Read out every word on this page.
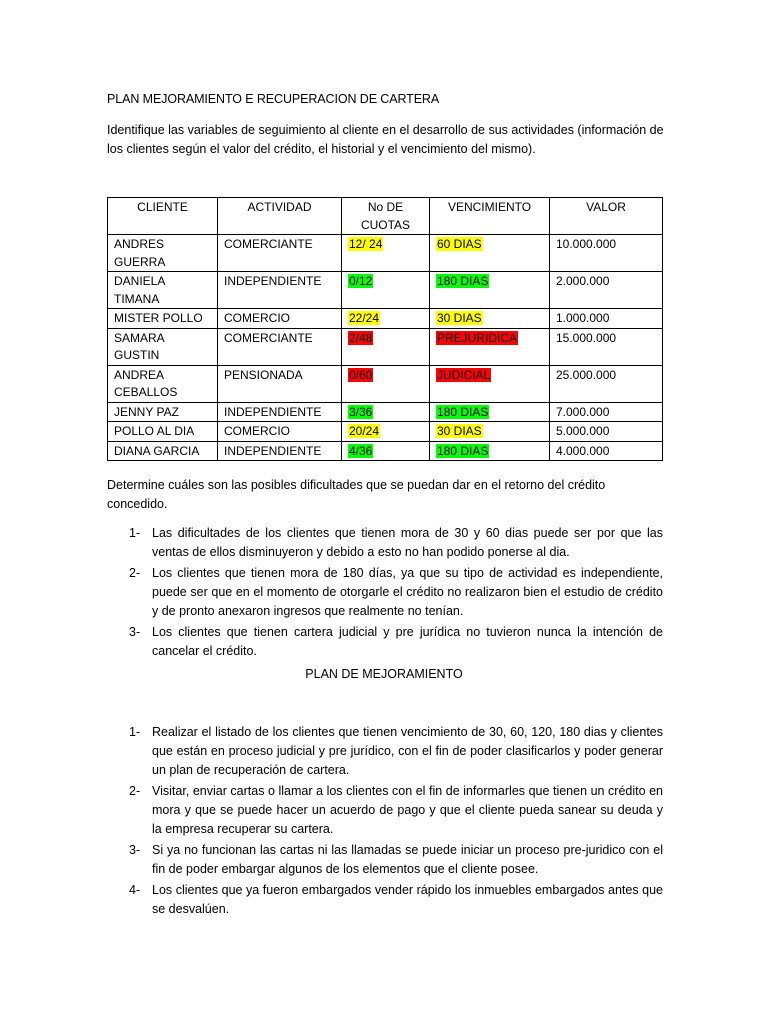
PLAN MEJORAMIENTO E RECUPERACION DE CARTERA
Identifique las variables de seguimiento al cliente en el desarrollo de sus actividades (información de los clientes según el valor del crédito, el historial y el vencimiento del mismo).
CLIENTE	ACTIVIDAD	No DE CUOTAS	VENCIMIENTO	VALOR
ANDRES GUERRA	COMERCIANTE	12/ 24	60 DIAS	10.000.000
DANIELA TIMANA	INDEPENDIENTE	0/12	180 DIAS	2.000.000
MISTER POLLO	COMERCIO	22/24	30 DIAS	1.000.000
SAMARA GUSTIN	COMERCIANTE	2/48	PREJURIDICA	15.000.000
ANDREA CEBALLOS	PENSIONADA	0/60	JUDICIAL	25.000.000
JENNY PAZ	INDEPENDIENTE	3/36	180 DIAS	7.000.000
POLLO AL DIA	COMERCIO	20/24	30 DIAS	5.000.000
DIANA GARCIA	INDEPENDIENTE	4/36	180 DIAS	4.000.000
Determine cuáles son las posibles dificultades que se puedan dar en el retorno del crédito concedido.
1- Las dificultades de los clientes que tienen mora de 30 y 60 dias puede ser por que las ventas de ellos disminuyeron y debido a esto no han podido ponerse al dia.
2- Los clientes que tienen mora de 180 días, ya que su tipo de actividad es independiente, puede ser que en el momento de otorgarle el crédito no realizaron bien el estudio de crédito y de pronto anexaron ingresos que realmente no tenían.
3- Los clientes que tienen cartera judicial y pre jurídica no tuvieron nunca la intención de cancelar el crédito.
PLAN DE MEJORAMIENTO
1- Realizar el listado de los clientes que tienen vencimiento de 30, 60, 120, 180 dias y clientes que están en proceso judicial y pre jurídico, con el fin de poder clasificarlos y poder generar un plan de recuperación de cartera.
2- Visitar, enviar cartas o llamar a los clientes con el fin de informarles que tienen un crédito en mora y que se puede hacer un acuerdo de pago y que el cliente pueda sanear su deuda y la empresa recuperar su cartera.
3- Si ya no funcionan las cartas ni las llamadas se puede iniciar un proceso pre-juridico con el fin de poder embargar algunos de los elementos que el cliente posee.
4- Los clientes que ya fueron embargados vender rápido los inmuebles embargados antes que se desvalúen.
